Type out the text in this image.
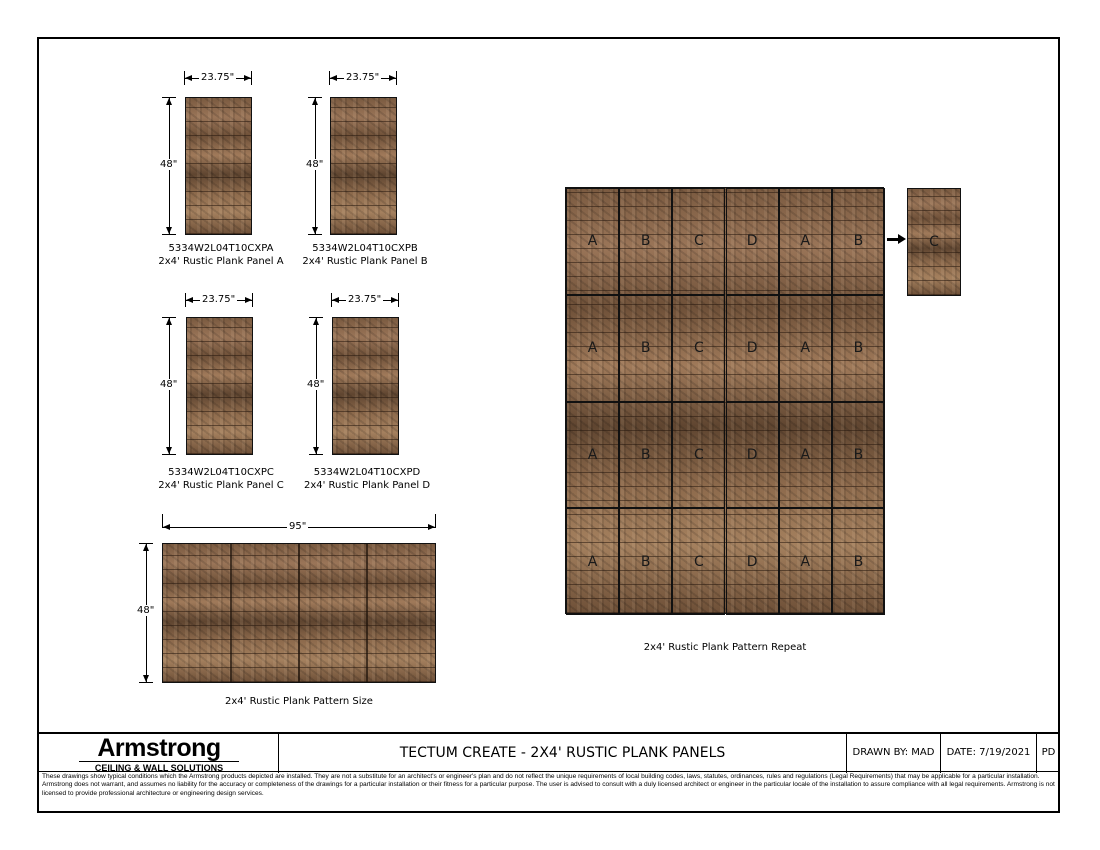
23.75"
48"
5334W2L04T10CXPA
2x4' Rustic Plank Panel A
23.75"
48"
5334W2L04T10CXPB
2x4' Rustic Plank Panel B
23.75"
48"
5334W2L04T10CXPC
2x4' Rustic Plank Panel C
23.75"
48"
5334W2L04T10CXPD
2x4' Rustic Plank Panel D
95"
48"
2x4' Rustic Plank Pattern Size
A	B	C	D	A	B
A	B	C	D	A	B
A	B	C	D	A	B
A	B	C	D	A	B
C
2x4' Rustic Plank Pattern Repeat
Armstrong
CEILING & WALL SOLUTIONS
TECTUM CREATE - 2X4' RUSTIC PLANK PANELS	DRAWN BY: MAD	DATE: 7/19/2021	PD
These drawings show typical conditions which the Armstrong products depicted are installed. They are not a substitute for an architect's or engineer's plan and do not reflect the unique requirements of local building codes, laws, statutes, ordinances, rules and regulations (Legal Requirements) that may be applicable for a particular installation. Armstrong does not warrant, and assumes no liability for the accuracy or completeness of the drawings for a particular installation or their fitness for a particular purpose. The user is advised to consult with a duly licensed architect or engineer in the particular locale of the installation to assure compliance with all legal requirements. Armstrong is not licensed to provide professional architecture or engineering design services.
